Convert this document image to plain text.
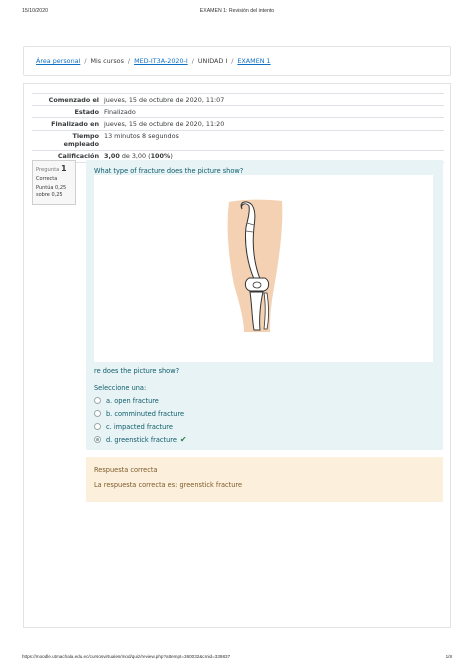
15/10/2020	EXAMEN 1: Revisión del intento
Área personal / Mis cursos / MED-IT3A-2020-I / UNIDAD I / EXAMEN 1
Comenzado el jueves, 15 de octubre de 2020, 11:07
Estado Finalizado
Finalizado en jueves, 15 de octubre de 2020, 11:20
Tiempo
empleado
13 minutos 8 segundos
Calificación 3,00 de 3,00 (100%)
Pregunta 1
Correcta
Puntúa 0,25
sobre 0,25
What type of fracture does the picture show?
re does the picture show?
Seleccione una:
a. open fracture
b. comminuted fracture
c. impacted fracture
d. greenstick fracture ✔
Respuesta correcta
La respuesta correcta es: greenstick fracture
https://moodle.utmachala.edu.ec/cursosvirtuales/mod/quiz/review.php?attempt=360032&cmid=339837	1/8
